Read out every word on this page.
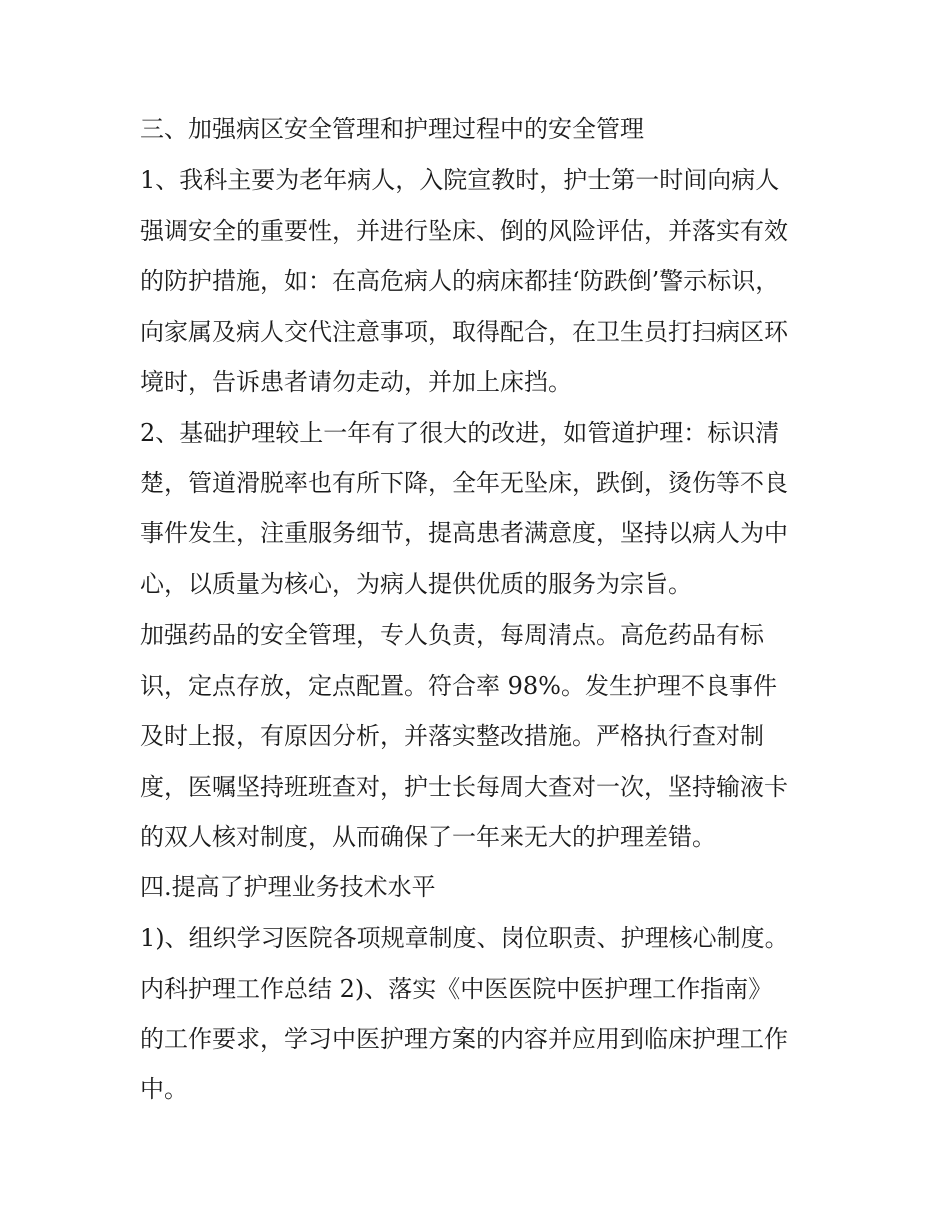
三、加强病区安全管理和护理过程中的安全管理

1、我科主要为老年病人，入院宣教时，护士第一时间向病人

强调安全的重要性，并进行坠床、倒的风险评估，并落实有效

的防护措施，如：在高危病人的病床都挂‘防跌倒’警示标识，

向家属及病人交代注意事项，取得配合，在卫生员打扫病区环

境时，告诉患者请勿走动，并加上床挡。

2、基础护理较上一年有了很大的改进，如管道护理：标识清

楚，管道滑脱率也有所下降，全年无坠床，跌倒，烫伤等不良

事件发生，注重服务细节，提高患者满意度，坚持以病人为中

心，以质量为核心，为病人提供优质的服务为宗旨。

加强药品的安全管理，专人负责，每周清点。高危药品有标

识，定点存放，定点配置。符合率 98%。发生护理不良事件

及时上报，有原因分析，并落实整改措施。严格执行查对制

度，医嘱坚持班班查对，护士长每周大查对一次，坚持输液卡

的双人核对制度，从而确保了一年来无大的护理差错。

四.提高了护理业务技术水平

1)、组织学习医院各项规章制度、岗位职责、护理核心制度。

内科护理工作总结 2)、落实《中医医院中医护理工作指南》

的工作要求，学习中医护理方案的内容并应用到临床护理工作

中。
